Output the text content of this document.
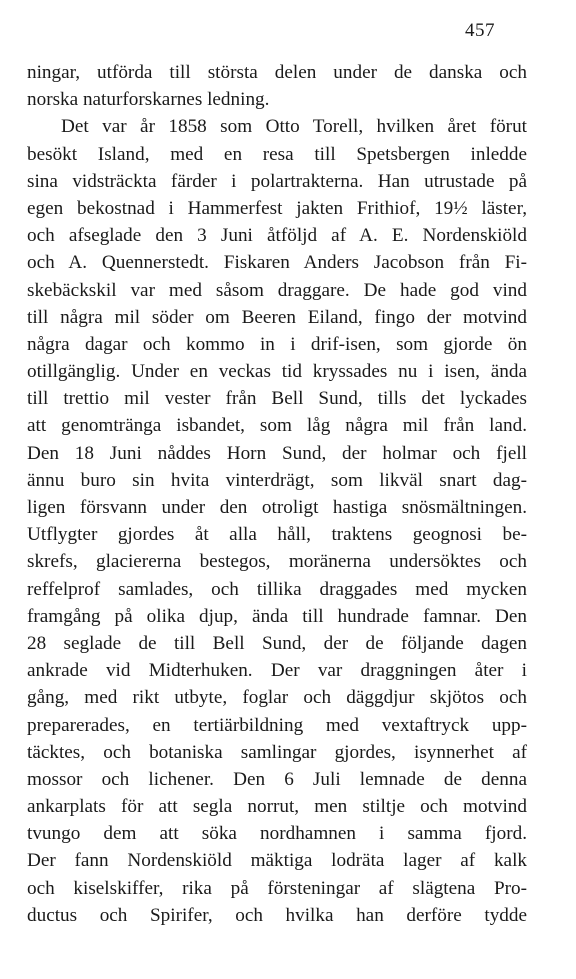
457
ningar, utförda till största delen under de danska och
norska naturforskarnes ledning.
Det var år 1858 som Otto Torell, hvilken året förut
besökt Island, med en resa till Spetsbergen inledde
sina vidsträckta färder i polartrakterna. Han utrustade på
egen bekostnad i Hammerfest jakten Frithiof, 19½ läster,
och afseglade den 3 Juni åtföljd af A. E. Nordenskiöld
och A. Quennerstedt. Fiskaren Anders Jacobson från Fi-
skebäckskil var med såsom draggare. De hade god vind
till några mil söder om Beeren Eiland, fingo der motvind
några dagar och kommo in i drif-isen, som gjorde ön
otillgänglig. Under en veckas tid kryssades nu i isen, ända
till trettio mil vester från Bell Sund, tills det lyckades
att genomtränga isbandet, som låg några mil från land.
Den 18 Juni nåddes Horn Sund, der holmar och fjell
ännu buro sin hvita vinterdrägt, som likväl snart dag-
ligen försvann under den otroligt hastiga snösmältningen.
Utflygter gjordes åt alla håll, traktens geognosi be-
skrefs, glaciererna bestegos, moränerna undersöktes och
reffelprof samlades, och tillika draggades med mycken
framgång på olika djup, ända till hundrade famnar. Den
28 seglade de till Bell Sund, der de följande dagen
ankrade vid Midterhuken. Der var draggningen åter i
gång, med rikt utbyte, foglar och däggdjur skjötos och
preparerades, en tertiärbildning med vextaftryck upp-
täcktes, och botaniska samlingar gjordes, isynnerhet af
mossor och lichener. Den 6 Juli lemnade de denna
ankarplats för att segla norrut, men stiltje och motvind
tvungo dem att söka nordhamnen i samma fjord.
Der fann Nordenskiöld mäktiga lodräta lager af kalk
och kiselskiffer, rika på försteningar af slägtena Pro-
ductus och Spirifer, och hvilka han derföre tydde
